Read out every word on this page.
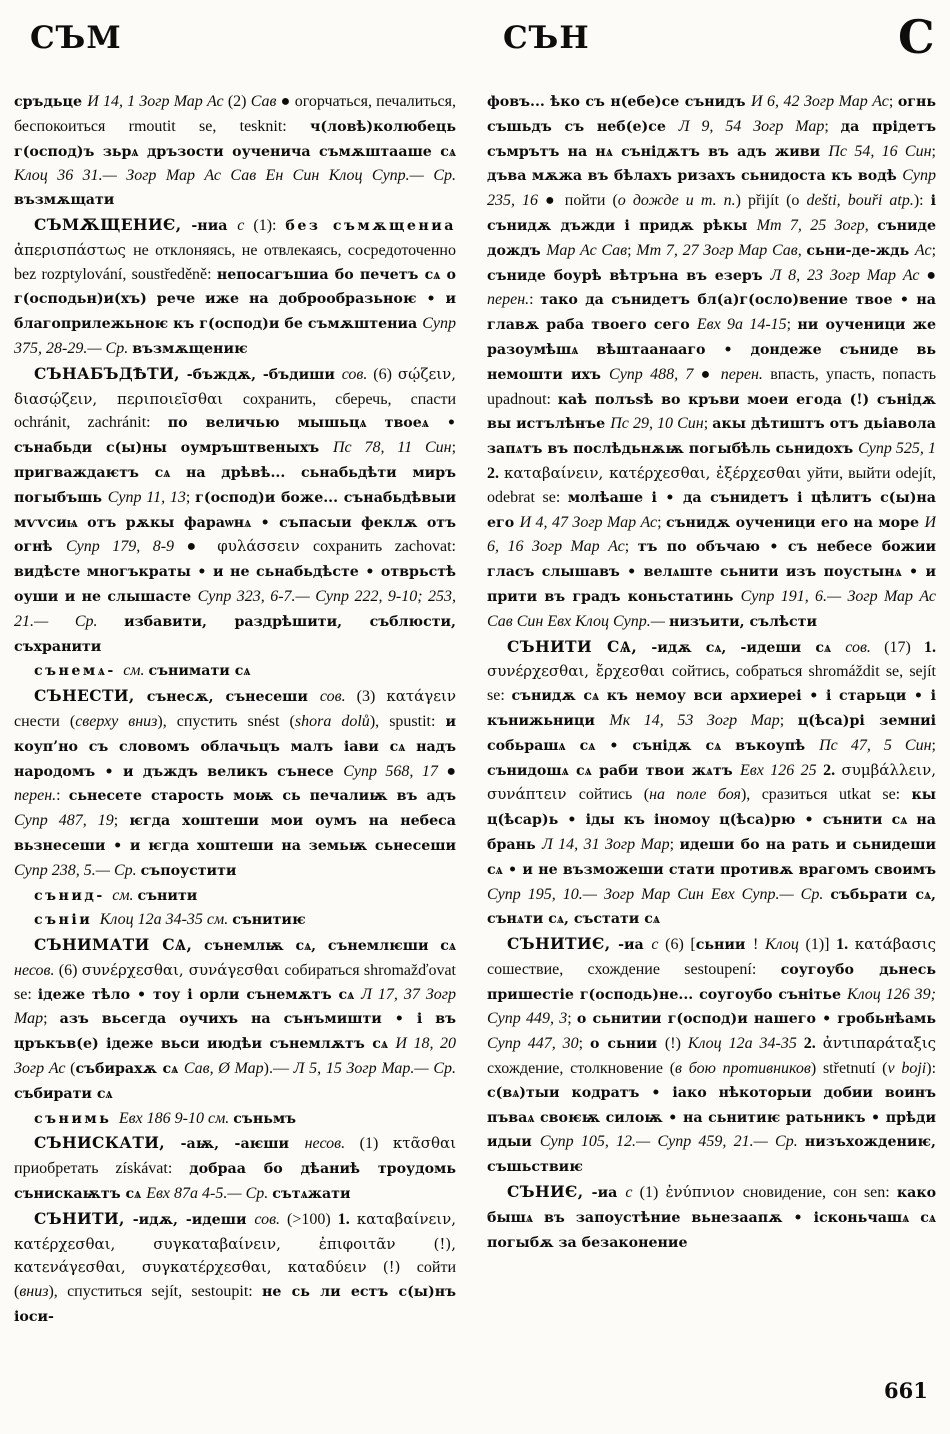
СЪМ	СЪН	С

сръдьце И 14, 1 Зогр Мар Ас (2) Сав ● огорчаться, печалиться, беспокоиться rmoutit se, tesknit: ч(ловѣ)колюбець г(оспод)ъ зьрѧ дръзости оученича съмѫштааше сѧ Клоц 36 31.— Зогр Мар Ас Сав Ен Син Клоц Супр.— Ср. възмѫщати

СЪМѪЩЕНИЄ, -ниа с (1): без съмѫщениа ἀπερισπάστως не отклоняясь, не отвлекаясь, сосредоточенно bez rozptylování, soustředěně: непосагъшиа бо печетъ сѧ о г(осподьн)и(хъ) рече иже на доброобразьноѥ • и благоприлежьноѥ къ г(оспод)и бе съмѫштениа Супр 375, 28-29.— Ср. възмѫщениѥ

СЪНАБЪДѢТИ, -бъждѫ, -бъдиши сов. (6) σῴζειν, διασῴζειν, περιποιεῖσθαι сохранить, сберечь, спасти ochránit, zachránit: по величью мышьцѧ твоеѧ • сънабьди с(ы)ны оумръштвеныхъ Пс 78, 11 Син; пригваждаѥтъ сѧ на дрѣвѣ... сьнабьдѣти миръ погыбъшь Супр 11, 13; г(оспод)и боже... сънабьдѣвыи мѵѵсиѩ отъ рѫкы фараѡнѧ • съпасыи феклѫ отъ огнѣ Супр 179, 8-9 ● φυλάσσειν сохранить zachovat: видѣсте многъкраты • и не сьнабьдѣсте • отврьстѣ оуши и не слышасте Супр 323, 6-7.— Супр 222, 9-10; 253, 21.— Ср. избавити, раздрѣшити, съблюсти, съхранити

сънемѧ- см. сънимати сѧ

СЪНЕСТИ, сънесѫ, сънесеши сов. (3) κατάγειν снести (сверху вниз), спустить snést (shora dolů), spustit: и коуп’но съ словомъ облачьцъ малъ іави сѧ надъ народомъ • и дъждъ великъ сънесе Супр 568, 17 ● перен.: сьнесете старость моѭ сь печалиѭ въ адъ Супр 487, 19; ѥгда хоштеши мои оумъ на небеса вьзнесеши • и ѥгда хоштеши на земьѭ сьнесеши Супр 238, 5.— Ср. съпоустити

сънид- см. сънити

съніи Клоц 12а 34-35 см. сънитиѥ

СЪНИМАТИ СѦ, сънемлѭ сѧ, сънемлѥши сѧ несов. (6) συνέρχεσθαι, συνάγεσθαι собираться shromažďovat se: ідеже тѣло • тоу і орли сънемѫтъ сѧ Л 17, 37 Зогр Мар; азъ вьсегда оучихъ на сънъмишти • і въ цръкъв(е) ідеже вьси июдѣи сънемлѫтъ сѧ И 18, 20 Зогр Ас (събирахѫ сѧ Сав, Ø Мар).— Л 5, 15 Зогр Мар.— Ср. събирати сѧ

сънимь Евх 186 9-10 см. съньмъ

СЪНИСКАТИ, -аѭ, -аѥши несов. (1) κτᾶσθαι приобретать získávat: добраа бо дѣаниѣ троудомь сънискаѭтъ сѧ Евх 87а 4-5.— Ср. сътѧжати

СЪНИТИ, -идѫ, -идеши сов. (>100) 1. καταβαίνειν, κατέρχεσθαι, συγκαταβαίνειν, ἐπιφοιτᾶν (!), κατενάγεσθαι, συγκατέρχεσθαι, καταδύειν (!) сойти (вниз), спуститься sejít, sestoupit: не сь ли естъ с(ы)нъ іоси-

фовъ... ѣко съ н(ебе)се сънидъ И 6, 42 Зогр Мар Ас; огнь съшьдъ съ неб(е)се Л 9, 54 Зогр Мар; да прідетъ съмрътъ на нѧ сънідѫтъ въ адъ живи Пс 54, 16 Син; дъва мѫжа въ бѣлахъ ризахъ сьнидоста къ водѣ Супр 235, 16 ● пойти (о дожде и т. п.) přijít (o dešti, bouři atp.): і сънидѫ дъжди і придѫ рѣкы Мт 7, 25 Зогр, съниде дождъ Мар Ас Сав; Мт 7, 27 Зогр Мар Сав, сьни-де-ждь Ас; съниде боурѣ вѣтръна въ езеръ Л 8, 23 Зогр Мар Ас ● перен.: тако да сънидетъ бл(а)г(осло)вение твое • на главѫ раба твоего сего Евх 9а 14-15; ни оученици же разоумѣшѧ вѣштаанааго • дондеже съниде вь немошти ихъ Супр 488, 7 ● перен. впасть, упасть, попасть upadnout: каѣ полъѕѣ во кръви моеи егода (!) сънідѫ вы истълѣнъе Пс 29, 10 Син; акы дѣтиштъ отъ дьіавола запѧтъ въ послѣдьнѫѭ погыбѣль сьнидохъ Супр 525, 1 2. καταβαίνειν, κατέρχεσθαι, ἐξέρχεσθαι уйти, выйти odejít, odebrat se: молѣаше і • да сънидетъ і цѣлитъ с(ы)на его И 4, 47 Зогр Мар Ас; сънидѫ оученици его на море И 6, 16 Зогр Мар Ас; тъ по объчаю • съ небесе божии гласъ слышавъ • велѧште сьнити изъ поустынѧ • и прити въ градъ коньстатинь Супр 191, 6.— Зогр Мар Ас Сав Син Евх Клоц Супр.— низъити, сълѣсти

СЪНИТИ СѦ, -идѫ сѧ, -идеши сѧ сов. (17) 1. συνέρχεσθαι, ἔρχεσθαι сойтись, собраться shromáždit se, sejít se: сънидѫ сѧ къ немоу вси архиереі • і старьци • і кънижьници Мк 14, 53 Зогр Мар; ц(ѣса)рі земниі собьрашѧ сѧ • сънідѫ сѧ въкоупѣ Пс 47, 5 Син; сънидошѧ сѧ раби твои жѧтъ Евх 126 25 2. συμβάλλειν, συνάπτειν сойтись (на поле боя), сразиться utkat se: кы ц(ѣсар)ь • іды къ іномоу ц(ѣса)рю • сънити сѧ на брань Л 14, 31 Зогр Мар; идеши бо на рать и сьнидеши сѧ • и не възможеши стати противѫ врагомъ своимъ Супр 195, 10.— Зогр Мар Син Евх Супр.— Ср. събьрати сѧ, сънѧти сѧ, състати сѧ

СЪНИТИЄ, -иа с (6) [сьнии ! Клоц (1)] 1. κατάβασις сошествие, схождение sestoupení: соугоубо дьнесь пришестіе г(осподь)не... соугоубо сънітье Клоц 126 39; Супр 449, 3; о сьнитии г(оспод)и нашего • гробьнѣамь Супр 447, 30; о сьнии (!) Клоц 12а 34-35 2. ἀντιπαράταξις схождение, столкновение (в бою противников) střetnutí (v boji): с(вѧ)тыи кодратъ • іако нѣкоторыи добии воинъ пъваѧ своѥѭ силоѭ • на сьнитиѥ ратьникъ • прѣди идыи Супр 105, 12.— Супр 459, 21.— Ср. низъхождениѥ, съшьствиѥ

СЪНИЄ, -иа с (1) ἐνύπνιον сновидение, сон sen: како бышѧ въ запоустѣние вьнезаапѫ • ісконьчашѧ сѧ погыбѫ за безаконение

661
